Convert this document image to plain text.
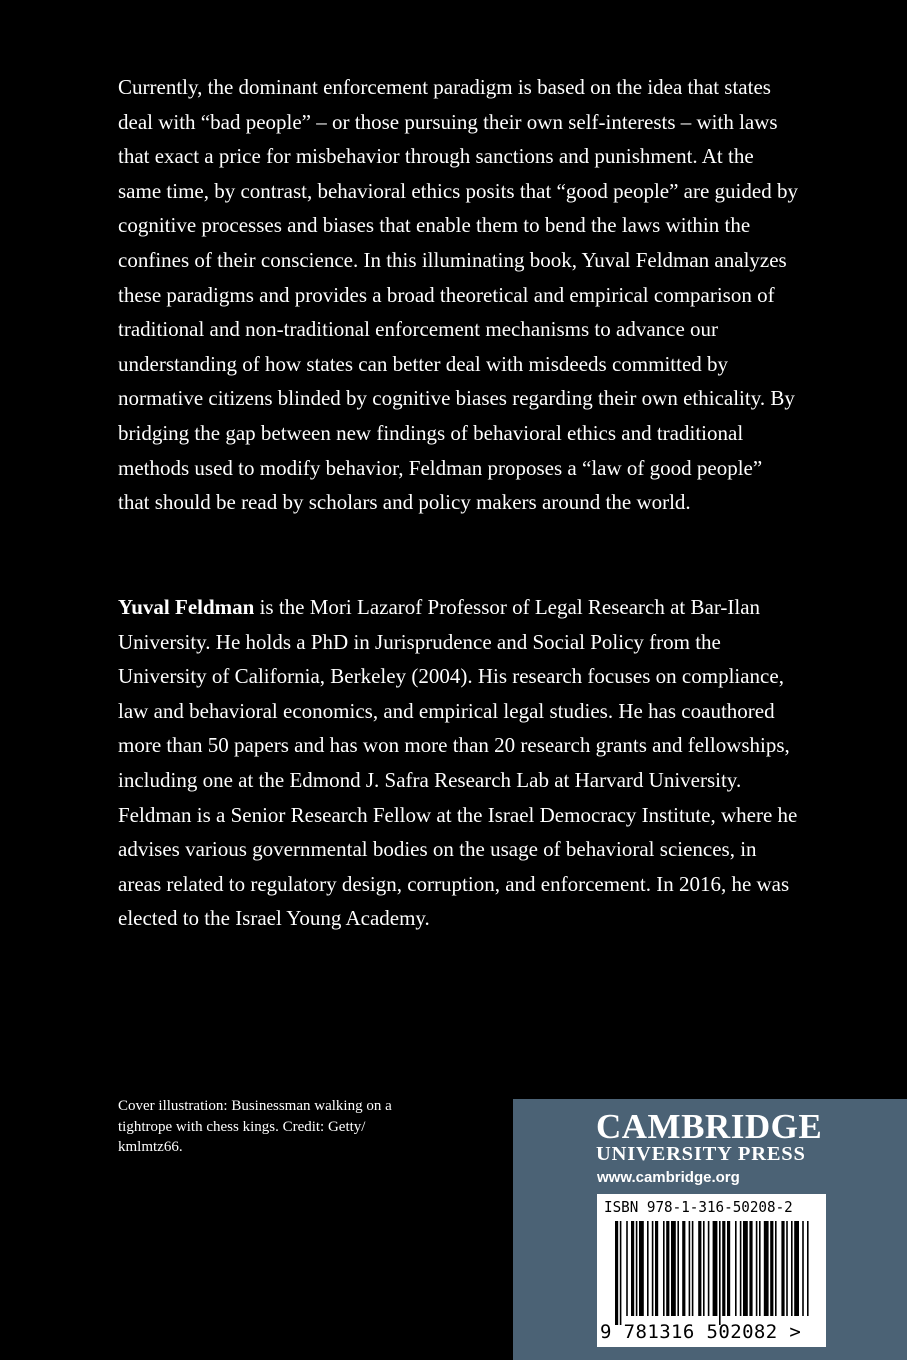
Currently, the dominant enforcement paradigm is based on the idea that states deal with “bad people” – or those pursuing their own self-interests – with laws that exact a price for misbehavior through sanctions and punishment. At the same time, by contrast, behavioral ethics posits that “good people” are guided by cognitive processes and biases that enable them to bend the laws within the confines of their conscience. In this illuminating book, Yuval Feldman analyzes these paradigms and provides a broad theoretical and empirical comparison of traditional and non-traditional enforcement mechanisms to advance our understanding of how states can better deal with misdeeds committed by normative citizens blinded by cognitive biases regarding their own ethicality. By bridging the gap between new findings of behavioral ethics and traditional methods used to modify behavior, Feldman proposes a “law of good people” that should be read by scholars and policy makers around the world.

Yuval Feldman is the Mori Lazarof Professor of Legal Research at Bar-Ilan University. He holds a PhD in Jurisprudence and Social Policy from the University of California, Berkeley (2004). His research focuses on compliance, law and behavioral economics, and empirical legal studies. He has coauthored more than 50 papers and has won more than 20 research grants and fellowships, including one at the Edmond J. Safra Research Lab at Harvard University. Feldman is a Senior Research Fellow at the Israel Democracy Institute, where he advises various governmental bodies on the usage of behavioral sciences, in areas related to regulatory design, corruption, and enforcement. In 2016, he was elected to the Israel Young Academy.

Cover illustration: Businessman walking on a tightrope with chess kings. Credit: Getty/ kmlmtz66.

CAMBRIDGE
UNIVERSITY PRESS
www.cambridge.org
ISBN 978-1-316-50208-2
9 781316 502082 >
